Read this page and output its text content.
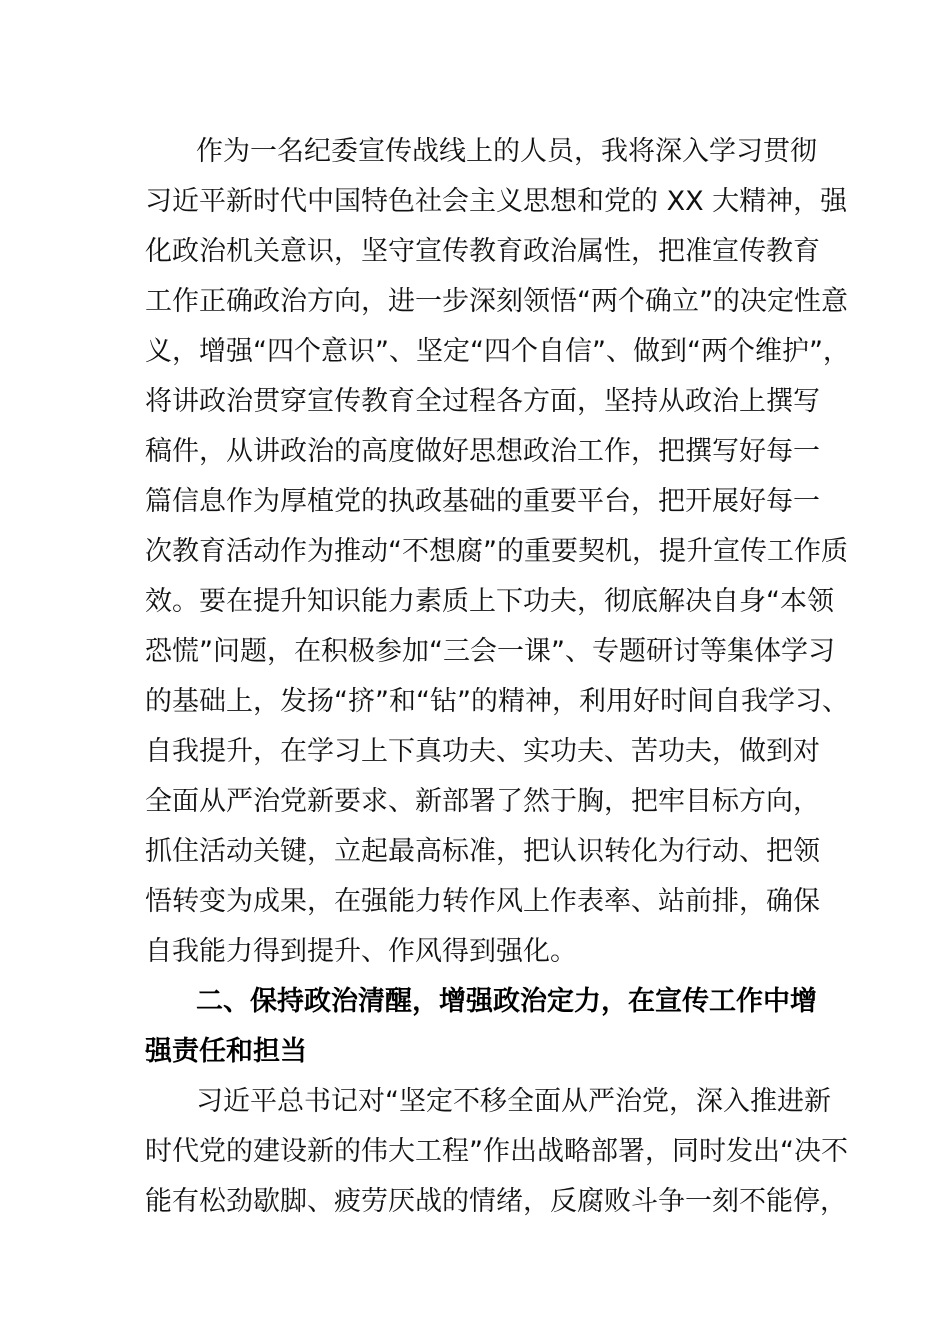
作为一名纪委宣传战线上的人员，我将深入学习贯彻
习近平新时代中国特色社会主义思想和党的 XX 大精神，强
化政治机关意识，坚守宣传教育政治属性，把准宣传教育
工作正确政治方向，进一步深刻领悟“两个确立”的决定性意
义，增强“四个意识”、坚定“四个自信”、做到“两个维护”，
将讲政治贯穿宣传教育全过程各方面，坚持从政治上撰写
稿件，从讲政治的高度做好思想政治工作，把撰写好每一
篇信息作为厚植党的执政基础的重要平台，把开展好每一
次教育活动作为推动“不想腐”的重要契机，提升宣传工作质
效。要在提升知识能力素质上下功夫，彻底解决自身“本领
恐慌”问题，在积极参加“三会一课”、专题研讨等集体学习
的基础上，发扬“挤”和“钻”的精神，利用好时间自我学习、
自我提升，在学习上下真功夫、实功夫、苦功夫，做到对
全面从严治党新要求、新部署了然于胸，把牢目标方向，
抓住活动关键，立起最高标准，把认识转化为行动、把领
悟转变为成果，在强能力转作风上作表率、站前排，确保
自我能力得到提升、作风得到强化。
二、保持政治清醒，增强政治定力，在宣传工作中增
强责任和担当
习近平总书记对“坚定不移全面从严治党，深入推进新
时代党的建设新的伟大工程”作出战略部署，同时发出“决不
能有松劲歇脚、疲劳厌战的情绪，反腐败斗争一刻不能停，
